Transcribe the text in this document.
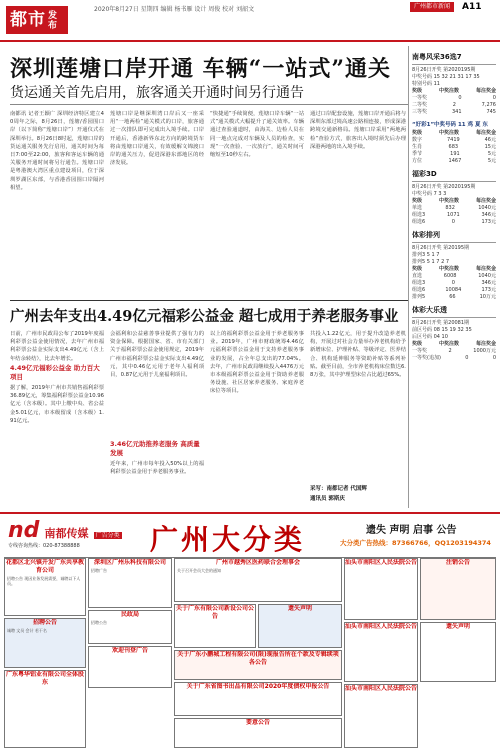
都市 发布
2020年8月27日 星期四 编辑 杨书雁 设计 周俊 校对 刘韶文	广州都市新闻	A11
深圳莲塘口岸开通 车辆“一站式”通关
货运通关首先启用，旅客通关开通时间另行通告
南都讯 记者王颖广 深圳经济特区建立40周年之际，8月26日，莲塘/香园围口岸（以下简称“莲塘口岸”）开通仪式在深圳举行。8月26日8时起，莲塘口岸的货运通关服务先行启用，通关时间为每日7:00至22:00，旅客和客运车辆的通关服务开通时间将另行通告。莲塘口岸是粤港澳大湾区重点建设项目，位于深圳罗湖区东部，与香港香园围口岸隔河相望。
莲塘口岸是继深圳湾口岸后又一座采用“一地两检”通关模式的口岸，旅客通过一次排队即可完成出入境手续。口岸开通后，香港新界东北方向的跨境货车将由莲塘口岸通关，有效缓解文锦渡口岸的通关压力，促进深港东部地区的经济发展。
“快捷通”手续简便，莲塘口岸车辆“一站式”通关模式大幅提升了通关效率。车辆通过查验通道时，由海关、边检人员在同一地点完成对车辆及人员的检查，实现“一次查验、一次放行”，通关时间可缩短至10秒左右。
通过口岸配套设施，莲塘口岸开通后将与深圳东部过境高速公路相连接，形成深港跨境交通新格局。莲塘口岸采用“两地两检”查验方式，旅客出入境时须先后办理深港两地的出入境手续。
广州去年支出4.49亿元福彩公益金 超七成用于养老服务事业
日前，广州市民政局公布了2019年度福利彩票公益金使用情况，去年广州市福利彩票公益金实际支出4.49亿元（含上年结余转结），比去年增长。
4.49亿元福彩公益金 助力百大项目
据了解，2019年广州市共销售福利彩票36.89亿元，筹集福利彩票公益金10.96亿元（含本级）。其中上缴中央、省公益金5.01亿元，市本级留成（含本级）1.91亿元。
会福利和公益慈善事业提供了强有力的资金保障。根据国家、省、市有关部门关于福利彩票公益金使用规定，2019年广州市福利彩票公益金实际支出4.49亿元，其中0.46亿元用于老年人福利项目，0.87亿元用于儿童福利项目。
3.46亿元助推养老服务 高质量发展
近年来，广州市每年投入50%以上的福利彩票公益金用于养老服务事业。
以上的福利彩票公益金用于养老服务事业。2019年，广州市财政统筹4.46亿元福利彩票公益金用于支持养老服务事业的发展，占全年总支出的77.04%。去年，广州市民政局继续投入4476万元市本级福利彩票公益金用于资助养老服务设施、社区居家养老服务、家庭养老床位等项目。
共投入1.22亿元，用于提升改造养老机构，开展过对社会力量举办养老机构给予新增床位、护理补贴、等级评定、医养结合、机构延伸服务等资助补贴等系列补贴。截至目前，全市养老机构床位数达6.8万张，其中护理型床位占比超过65%。
采写：南都记者 代国辉
通讯员 郭斯庆
南粤风采36选7
8月26日开奖 第2020195期
中奖号码 15 32 21 31 17 35
特别号码 11
奖级	中奖注数	每注奖金
一等奖	0	0
二等奖	2	7,276
三等奖	341	745
“好彩1”中奖号码 11 鸡 夏 东
奖级	中奖注数	每注奖金
数字	7419	46元
生肖	683	15元
季节	191	5元
方位	1467	5元
福彩3D
8月26日开奖 第2020195期
中奖号码 7 3 3
奖级	中奖注数	每注奖金
单选	832	1040元
组选3	1071	346元
组选6	0	173元
体彩排列
8月26日开奖 第20195期
排列3 5 1 7
排列5 5 1 7 2 7
奖级	中奖注数	每注奖金
直选	6008	1040元
组选3	0	346元
组选6	10084	173元
排列5	66	10万元
体彩大乐透
8月26日开奖 第20081期
前区号码 08 15 19 32 35
后区号码 04 10
奖级	中奖注数	每注奖金
一等奖	2	1000万元
一等奖(追加)	0	0
nd 南都传媒 广告分类
专线咨询热线：020-87388888	广州大分类	遗失 声明 启事 公告
大分类广告热线：87366766，QQ1203194374
花都区北兴镇开发广东共享教育公司
招聘公告 现因业务发展需要，诚聘以下人员。
招聘公告
诚聘 文员 会计 若干名
深圳区广州乐科技有限公司
招聘广告
民政局
招聘公告
欢迎刊登广告
广州市越秀区医药联合会理事会
关于召开会员大会的通知
关于广东有限公司新设公司公告
关于广东小鹏城工程有限公司(限)现报告所在个款及专辑续项各公告
关于广东省图书出品有限公司2020年度债权申报公告
遗失声明
广东粤华铝业有限公司全体股东
汕头市南阳区人民法院公告
汕头市南阳区人民法院公告
汕头市南阳区人民法院公告
注销公告
遗失声明
要意公告
